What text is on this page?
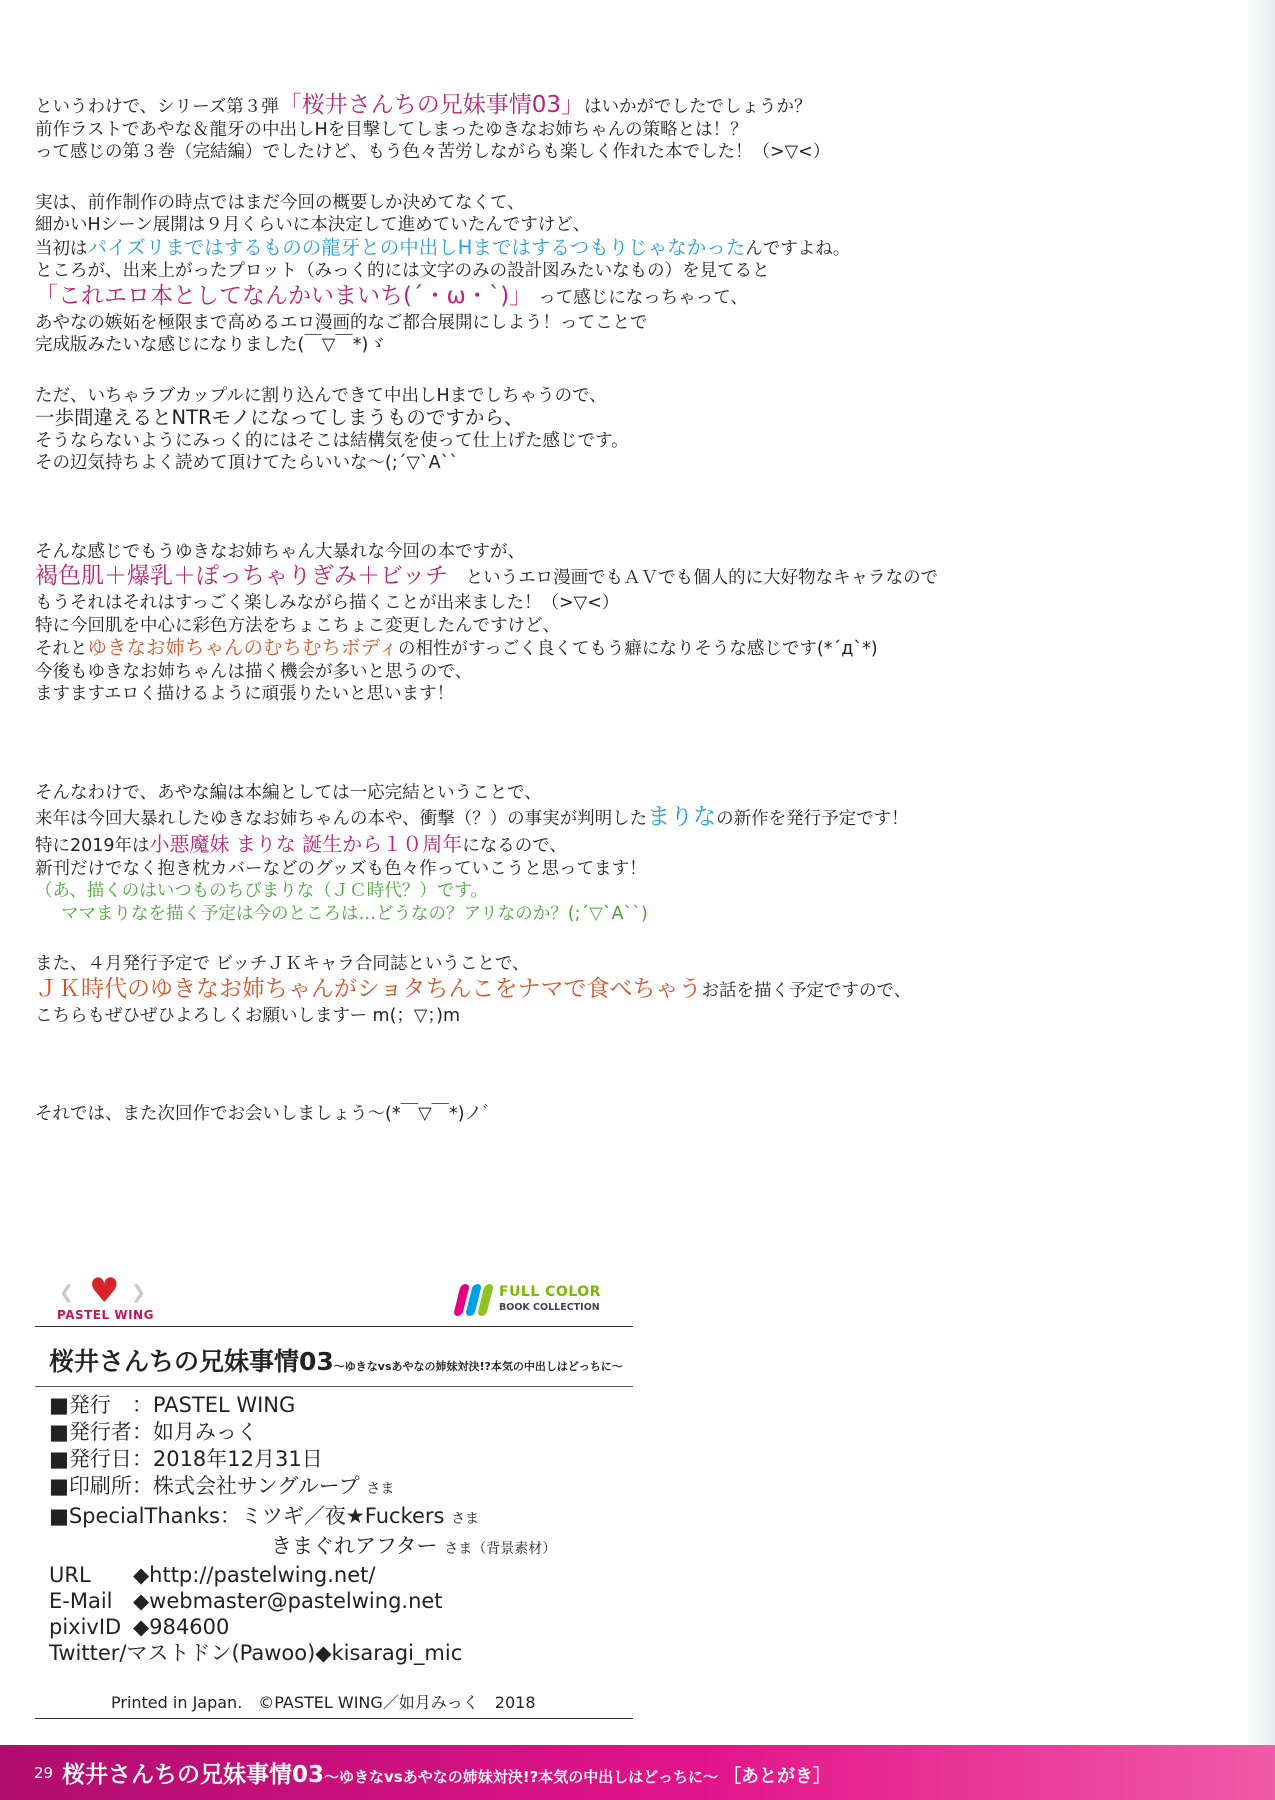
というわけで、シリーズ第３弾「桜井さんちの兄妹事情03」はいかがでしたでしょうか？
前作ラストであやな＆龍牙の中出しHを目撃してしまったゆきなお姉ちゃんの策略とは！？
って感じの第３巻（完結編）でしたけど、もう色々苦労しながらも楽しく作れた本でした！（>▽<）
実は、前作制作の時点ではまだ今回の概要しか決めてなくて、
細かいHシーン展開は９月くらいに本決定して進めていたんですけど、
当初はパイズリまではするものの龍牙との中出しHまではするつもりじゃなかったんですよね。
ところが、出来上がったプロット（みっく的には文字のみの設計図みたいなもの）を見てると
「これエロ本としてなんかいまいち(´・ω・`)」　 って感じになっちゃって、
あやなの嫉妬を極限まで高めるエロ漫画的なご都合展開にしよう！ってことで
完成版みたいな感じになりました(￣▽￣*)ゞ
ただ、いちゃラブカップルに割り込んできて中出しHまでしちゃうので、
一歩間違えるとNTRモノになってしまうものですから、
そうならないようにみっく的にはそこは結構気を使って仕上げた感じです。
その辺気持ちよく読めて頂けてたらいいな～(;´▽`A``
そんな感じでもうゆきなお姉ちゃん大暴れな今回の本ですが、
褐色肌＋爆乳＋ぽっちゃりぎみ＋ビッチ　 というエロ漫画でもＡＶでも個人的に大好物なキャラなので
もうそれはそれはすっごく楽しみながら描くことが出来ました！（>▽<）
特に今回肌を中心に彩色方法をちょこちょこ変更したんですけど、
それとゆきなお姉ちゃんのむちむちボディの相性がすっごく良くてもう癖になりそうな感じです(*´д`*)
今後もゆきなお姉ちゃんは描く機会が多いと思うので、
ますますエロく描けるように頑張りたいと思います！
そんなわけで、あやな編は本編としては一応完結ということで、
来年は今回大暴れしたゆきなお姉ちゃんの本や、衝撃（？）の事実が判明したまりなの新作を発行予定です！
特に2019年は小悪魔妹 まりな 誕生から１０周年になるので、
新刊だけでなく抱き枕カバーなどのグッズも色々作っていこうと思ってます！
（あ、描くのはいつものちびまりな（ＪＣ時代？）です。
ママまりなを描く予定は今のところは…どうなの？アリなのか？(;´▽`A``)
また、４月発行予定で ビッチＪＫキャラ合同誌ということで、
ＪＫ時代のゆきなお姉ちゃんがショタちんこをナマで食べちゃうお話を描く予定ですので、
こちらもぜひぜひよろしくお願いしますー m(；▽；)m
それでは、また次回作でお会いしましょう～(*￣▽￣*)ノ゛
❮ ♥ ❯
PASTEL WING
FULL COLOR
BOOK COLLECTION
桜井さんちの兄妹事情03～ゆきなvsあやなの姉妹対決!?本気の中出しはどっちに～
■発行　：PASTEL WING
■発行者：如月みっく
■発行日：2018年12月31日
■印刷所：株式会社サングループ さま
■SpecialThanks：ミツギ／夜★Fuckers さま
きまぐれアフター さま（背景素材）
URL ◆http://pastelwing.net/
E-Mail ◆webmaster@pastelwing.net
pixivID ◆984600
Twitter/マストドン(Pawoo)◆kisaragi_mic
Printed in Japan.　©PASTEL WING／如月みっく　2018
29 桜井さんちの兄妹事情03～ゆきなvsあやなの姉妹対決!?本気の中出しはどっちに～ ［あとがき］
